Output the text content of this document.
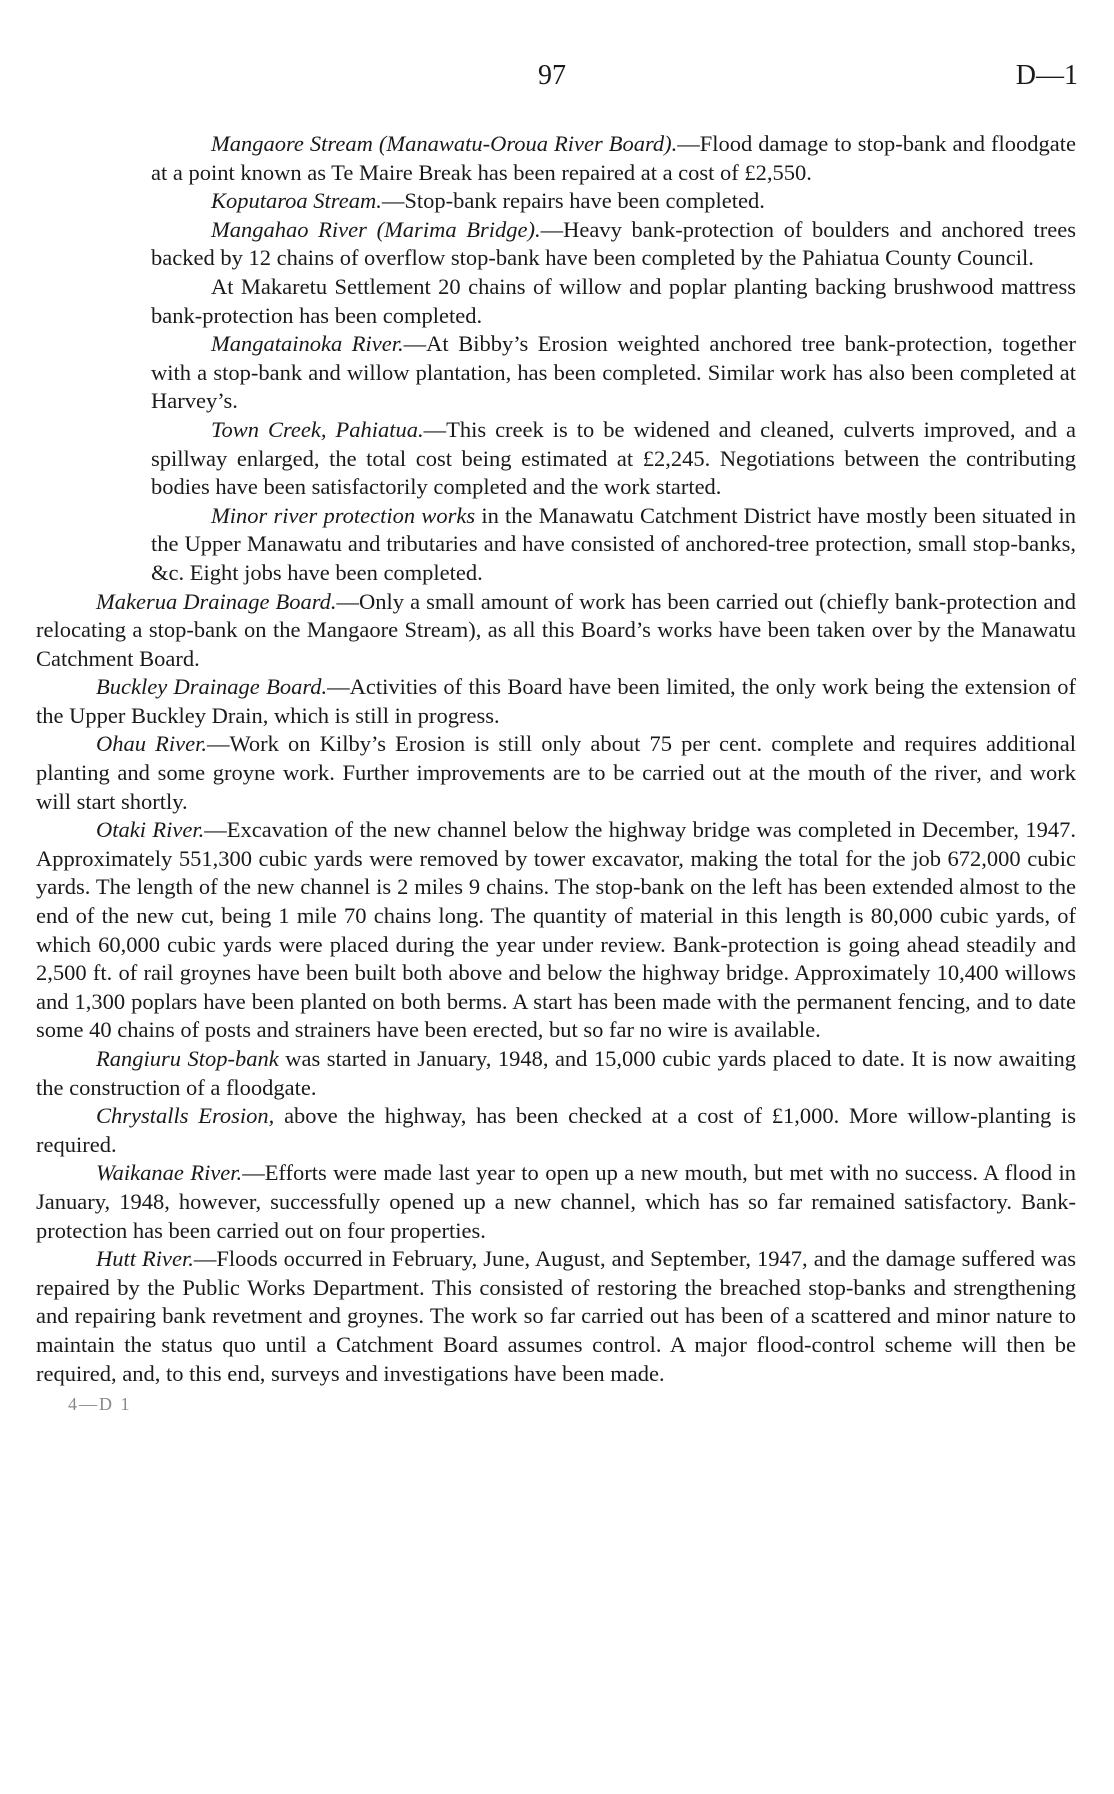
97	D—1

Mangaore Stream (Manawatu-Oroua River Board).—Flood damage to stop-bank and floodgate at a point known as Te Maire Break has been repaired at a cost of £2,550.

Koputaroa Stream.—Stop-bank repairs have been completed.

Mangahao River (Marima Bridge).—Heavy bank-protection of boulders and anchored trees backed by 12 chains of overflow stop-bank have been completed by the Pahiatua County Council.

At Makaretu Settlement 20 chains of willow and poplar planting backing brushwood mattress bank-protection has been completed.

Mangatainoka River.—At Bibby’s Erosion weighted anchored tree bank-protection, together with a stop-bank and willow plantation, has been completed. Similar work has also been completed at Harvey’s.

Town Creek, Pahiatua.—This creek is to be widened and cleaned, culverts improved, and a spillway enlarged, the total cost being estimated at £2,245. Negotiations between the contributing bodies have been satisfactorily completed and the work started.

Minor river protection works in the Manawatu Catchment District have mostly been situated in the Upper Manawatu and tributaries and have consisted of anchored-tree protection, small stop-banks, &c. Eight jobs have been completed.

Makerua Drainage Board.—Only a small amount of work has been carried out (chiefly bank-protection and relocating a stop-bank on the Mangaore Stream), as all this Board’s works have been taken over by the Manawatu Catchment Board.

Buckley Drainage Board.—Activities of this Board have been limited, the only work being the extension of the Upper Buckley Drain, which is still in progress.

Ohau River.—Work on Kilby’s Erosion is still only about 75 per cent. complete and requires additional planting and some groyne work. Further improvements are to be carried out at the mouth of the river, and work will start shortly.

Otaki River.—Excavation of the new channel below the highway bridge was completed in December, 1947. Approximately 551,300 cubic yards were removed by tower excavator, making the total for the job 672,000 cubic yards. The length of the new channel is 2 miles 9 chains. The stop-bank on the left has been extended almost to the end of the new cut, being 1 mile 70 chains long. The quantity of material in this length is 80,000 cubic yards, of which 60,000 cubic yards were placed during the year under review. Bank-protection is going ahead steadily and 2,500 ft. of rail groynes have been built both above and below the highway bridge. Approximately 10,400 willows and 1,300 poplars have been planted on both berms. A start has been made with the permanent fencing, and to date some 40 chains of posts and strainers have been erected, but so far no wire is available.

Rangiuru Stop-bank was started in January, 1948, and 15,000 cubic yards placed to date. It is now awaiting the construction of a floodgate.

Chrystalls Erosion, above the highway, has been checked at a cost of £1,000. More willow-planting is required.

Waikanae River.—Efforts were made last year to open up a new mouth, but met with no success. A flood in January, 1948, however, successfully opened up a new channel, which has so far remained satisfactory. Bank-protection has been carried out on four properties.

Hutt River.—Floods occurred in February, June, August, and September, 1947, and the damage suffered was repaired by the Public Works Department. This consisted of restoring the breached stop-banks and strengthening and repairing bank revetment and groynes. The work so far carried out has been of a scattered and minor nature to maintain the status quo until a Catchment Board assumes control. A major flood-control scheme will then be required, and, to this end, surveys and investigations have been made.

4—D 1
